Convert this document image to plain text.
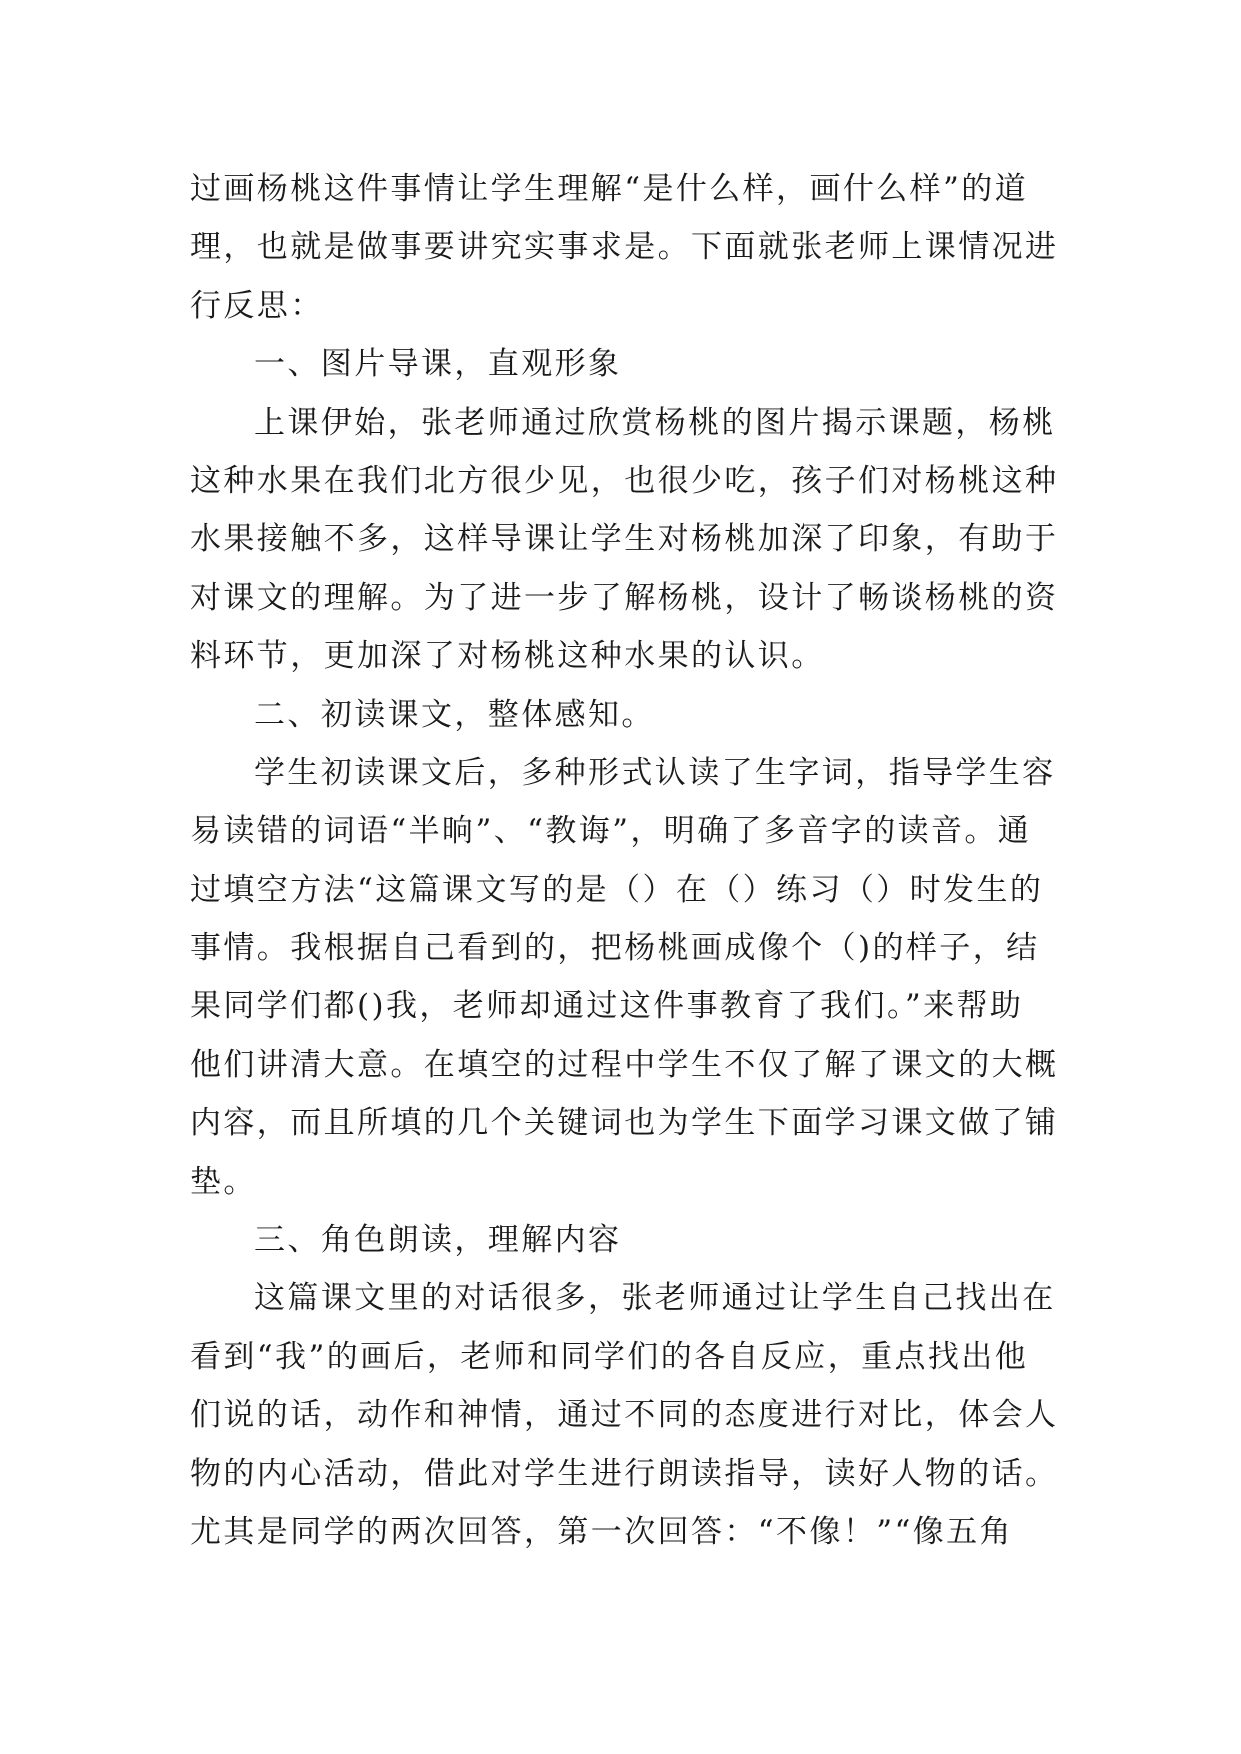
过画杨桃这件事情让学生理解“是什么样，画什么样”的道
理，也就是做事要讲究实事求是。下面就张老师上课情况进
行反思：
一、图片导课，直观形象
上课伊始，张老师通过欣赏杨桃的图片揭示课题，杨桃
这种水果在我们北方很少见，也很少吃，孩子们对杨桃这种
水果接触不多，这样导课让学生对杨桃加深了印象，有助于
对课文的理解。为了进一步了解杨桃，设计了畅谈杨桃的资
料环节，更加深了对杨桃这种水果的认识。
二、初读课文，整体感知。
学生初读课文后，多种形式认读了生字词，指导学生容
易读错的词语“半晌”、“教诲”，明确了多音字的读音。通
过填空方法“这篇课文写的是（）在（）练习（）时发生的
事情。我根据自己看到的，把杨桃画成像个（)的样子，结
果同学们都()我，老师却通过这件事教育了我们。”来帮助
他们讲清大意。在填空的过程中学生不仅了解了课文的大概
内容，而且所填的几个关键词也为学生下面学习课文做了铺
垫。
三、角色朗读，理解内容
这篇课文里的对话很多，张老师通过让学生自己找出在
看到“我”的画后，老师和同学们的各自反应，重点找出他
们说的话，动作和神情，通过不同的态度进行对比，体会人
物的内心活动，借此对学生进行朗读指导，读好人物的话。
尤其是同学的两次回答，第一次回答：“不像！”“像五角
